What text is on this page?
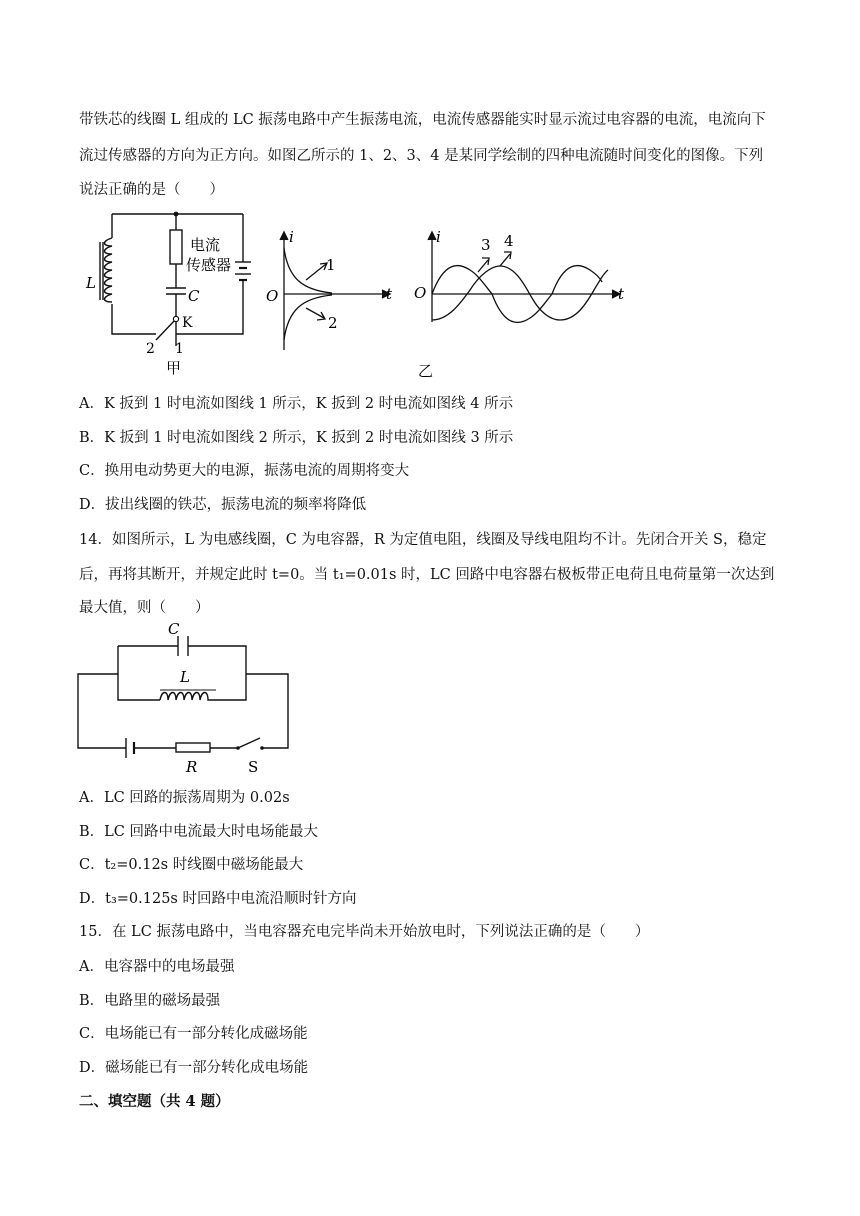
带铁芯的线圈 L 组成的 LC 振荡电路中产生振荡电流，电流传感器能实时显示流过电容器的电流，电流向下
流过传感器的方向为正方向。如图乙所示的 1、2、3、4 是某同学绘制的四种电流随时间变化的图像。下列
说法正确的是（　　）
L
电流
传感器
C
K
2 1
甲
i
O	t
1
2
i
O	t
3 4
乙
A．K 扳到 1 时电流如图线 1 所示，K 扳到 2 时电流如图线 4 所示
B．K 扳到 1 时电流如图线 2 所示，K 扳到 2 时电流如图线 3 所示
C．换用电动势更大的电源，振荡电流的周期将变大
D．拔出线圈的铁芯，振荡电流的频率将降低
14．如图所示，L 为电感线圈，C 为电容器，R 为定值电阻，线圈及导线电阻均不计。先闭合开关 S，稳定
后，再将其断开，并规定此时 t=0。当 t₁=0.01s 时，LC 回路中电容器右极板带正电荷且电荷量第一次达到
最大值，则（　　）
C
L
R	S
A．LC 回路的振荡周期为 0.02s
B．LC 回路中电流最大时电场能最大
C．t₂=0.12s 时线圈中磁场能最大
D．t₃=0.125s 时回路中电流沿顺时针方向
15．在 LC 振荡电路中，当电容器充电完毕尚未开始放电时，下列说法正确的是（　　）
A．电容器中的电场最强
B．电路里的磁场最强
C．电场能已有一部分转化成磁场能
D．磁场能已有一部分转化成电场能
二、填空题（共 4 题）
